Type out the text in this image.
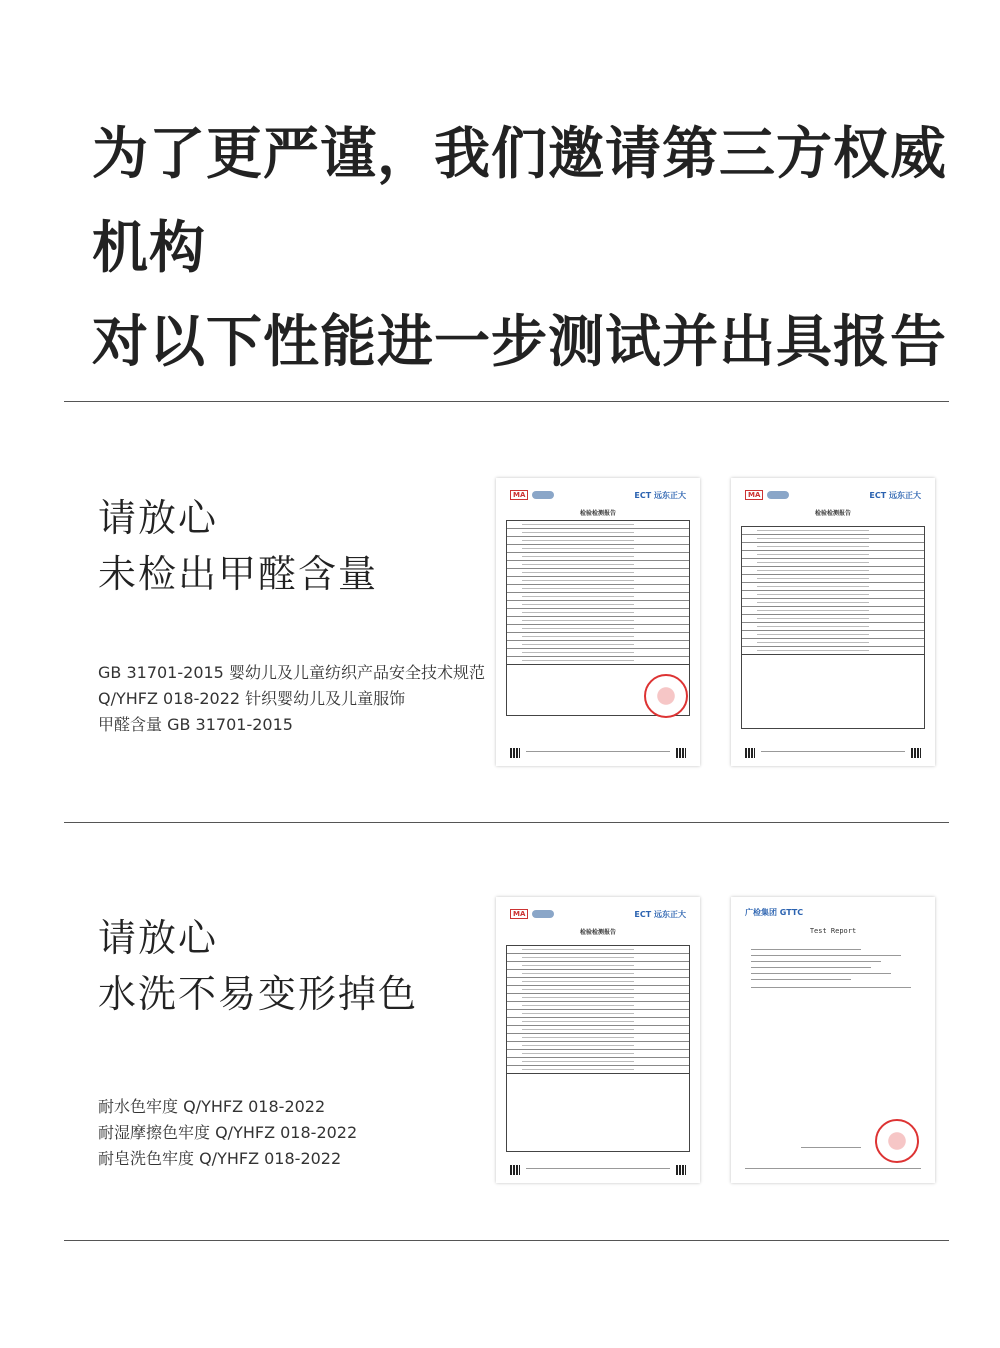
为了更严谨，我们邀请第三方权威机构
对以下性能进一步测试并出具报告
请放心
未检出甲醛含量
GB 31701-2015 婴幼儿及儿童纺织产品安全技术规范
Q/YHFZ 018-2022 针织婴幼儿及儿童服饰
甲醛含量 GB 31701-2015
MA	ECT 远东正大
检验检测报告
MA	ECT 远东正大
检验检测报告
请放心
水洗不易变形掉色
耐水色牢度 Q/YHFZ 018-2022
耐湿摩擦色牢度 Q/YHFZ 018-2022
耐皂洗色牢度 Q/YHFZ 018-2022
MA	ECT 远东正大
检验检测报告
广检集团 GTTC
Test Report
